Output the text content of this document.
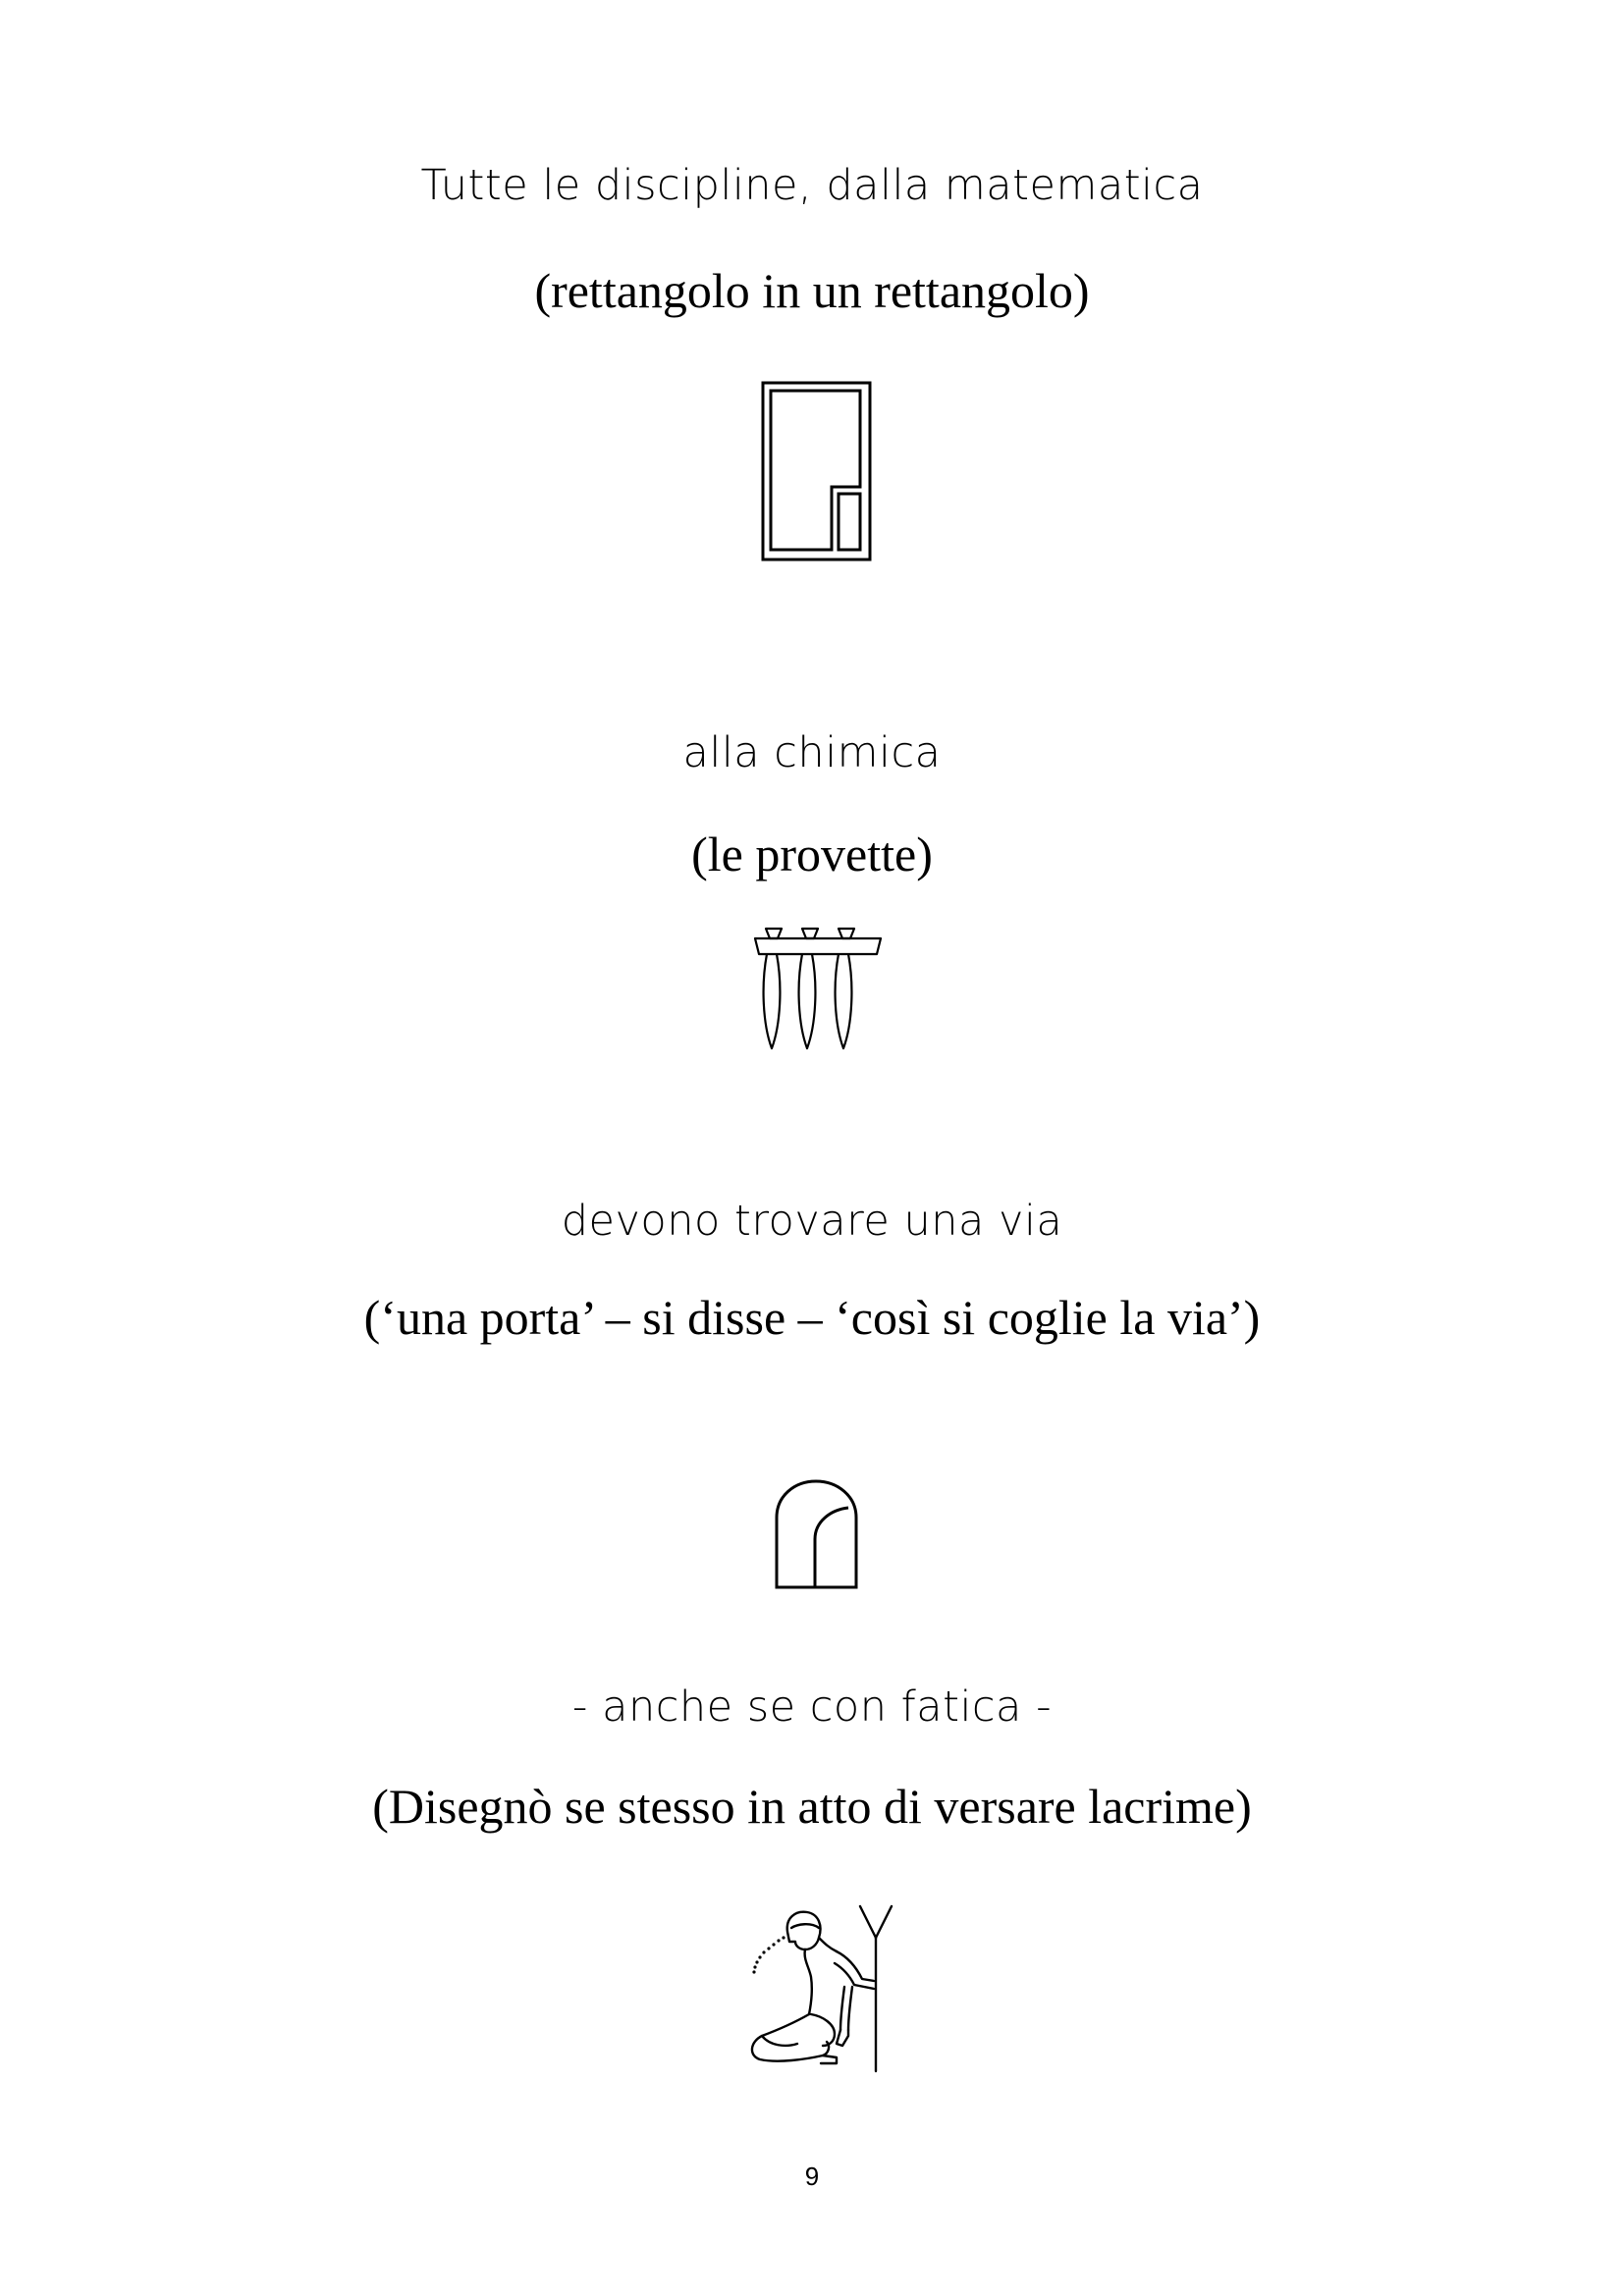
Tutte le discipline, dalla matematica
(rettangolo in un rettangolo)
alla chimica
(le provette)
devono trovare una via
(‘una porta’ – si disse – ‘così si coglie la via’)
- anche se con fatica -
(Disegnò se stesso in atto di versare lacrime)
9
